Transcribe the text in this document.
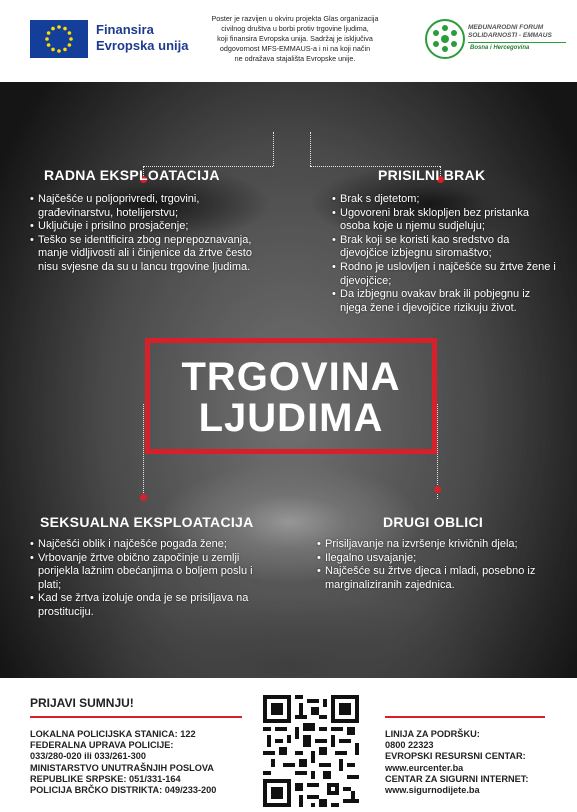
Finansira
Evropska unija
Poster je razvijen u okviru projekta Glas organizacija
civilnog društva u borbi protiv trgovine ljudima,
koji finansira Evropska unija. Sadržaj je isključiva
odgovornost MFS-EMMAUS-a i ni na koji način
ne odražava stajališta Evropske unije.
MEĐUNARODNI FORUM
SOLIDARNOSTI - EMMAUS
Bosna i Hercegovina
RADNA EKSPLOATACIJA
• Najčešće u poljoprivredi, trgovini, građevinarstvu, hotelijerstvu;
• Uključuje i prisilno prosjačenje;
• Teško se identificira zbog neprepoznavanja, manje vidljivosti ali i činjenice da žrtve često nisu svjesne da su u lancu trgovine ljudima.
PRISILNI BRAK
• Brak s djetetom;
• Ugovoreni brak sklopljen bez pristanka osoba koje u njemu sudjeluju;
• Brak koji se koristi kao sredstvo da djevojčice izbjegnu siromaštvo;
• Rodno je uslovljen i najčešće su žrtve žene i djevojčice;
• Da izbjegnu ovakav brak ili pobjegnu iz njega žene i djevojčice rizikuju život.
TRGOVINA
LJUDIMA
SEKSUALNA EKSPLOATACIJA
• Najčešći oblik i najčešće pogađa žene;
• Vrbovanje žrtve obično započinje u zemlji porijekla lažnim obećanjima o boljem poslu i plati;
• Kad se žrtva izoluje onda je se prisiljava na prostituciju.
DRUGI OBLICI
• Prisiljavanje na izvršenje krivičnih djela;
• Ilegalno usvajanje;
• Najčešće su žrtve djeca i mladi, posebno iz marginaliziranih zajednica.
PRIJAVI SUMNJU!
LOKALNA POLICIJSKA STANICA: 122
FEDERALNA UPRAVA POLICIJE:
033/280-020 ili 033/261-300
MINISTARSTVO UNUTRAŠNJIH POSLOVA
REPUBLIKE SRPSKE: 051/331-164
POLICIJA BRČKO DISTRIKTA: 049/233-200
LINIJA ZA PODRŠKU:
0800 22323
EVROPSKI RESURSNI CENTAR:
www.eurcenter.ba
CENTAR ZA SIGURNI INTERNET:
www.sigurnodijete.ba
